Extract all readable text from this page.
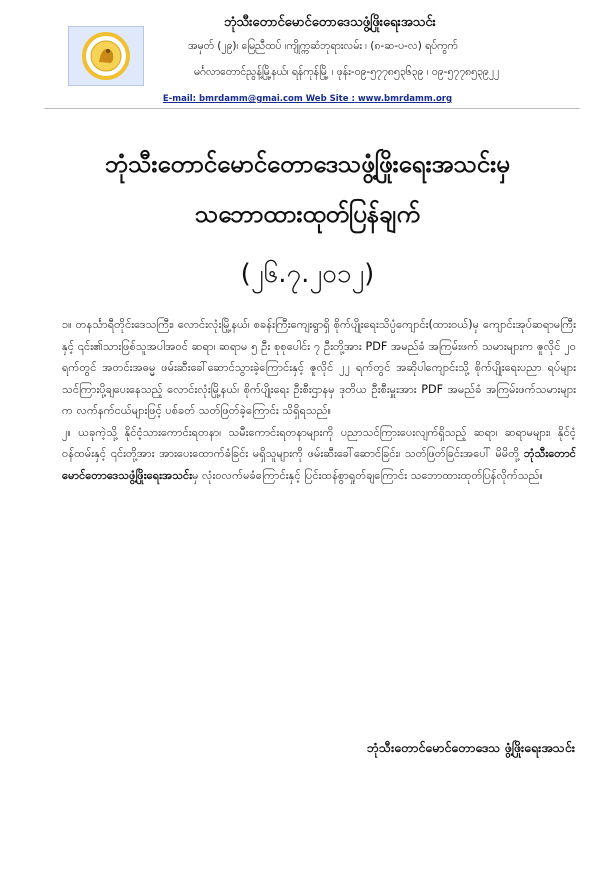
ဘုံသီးတောင်မောင်တောဒေသဖွံ့ဖြိုးရေးအသင်း
အမှတ် (၂၉)၊ မြေညီထပ် ၊ကျိုက္ကဆံဘုရားလမ်း ၊ (၈-ဆ-ပ-လ) ရပ်ကွက်
မင်္ဂလာတောင်ညွန့်မြို့နယ်၊ ရန်ကုန်မြို့ ၊ ဖုန်း-၀၉-၅၇၇၈၅၃၆၃၉ ၊ ၀၉-၅၇၇၈၅၃၉၂၂
E-mail: bmrdamm@gmai.com Web Site : www.bmrdamm.org
ဘုံသီးတောင်မောင်တောဒေသဖွံ့ဖြိုးရေးအသင်းမှ
သဘောထားထုတ်ပြန်ချက်
(၂၆.၇.၂၀၁၂)

၁။ တနင်္သာရီတိုင်းဒေသကြီး၊ လောင်းလုံးမြို့နယ်၊ စခန်းကြီးကျေးရွာရှိ စိုက်ပျိုးရေးသိပ္ပံကျောင်း(ထားဝယ်)မှ ကျောင်းအုပ်ဆရာမကြီးနှင့် ၎င်း၏သားဖြစ်သူအပါအဝင် ဆရာ၊ ဆရာမ ၅ ဦး စုစုပေါင်း ၇ ဦးတို့အား PDF အမည်ခံ အကြမ်းဖက် သမားများက ဇူလိုင် ၂၀ ရက်တွင် အတင်းအဓမ္မ ဖမ်းဆီးခေါ်ဆောင်သွားခဲ့ကြောင်းနှင့် ဇူလိုင် ၂၂ ရက်တွင် အဆိုပါကျောင်းသို့ စိုက်ပျိုးရေးပညာ ရပ်များ သင်ကြားပို့ချပေးနေသည့် လောင်းလုံးမြို့နယ်၊ စိုက်ပျိုးရေး ဦးစီးဌာနမှ ဒုတိယ ဦးစီးမှူးအား PDF အမည်ခံ အကြမ်းဖက်သမားများက လက်နက်ငယ်များဖြင့် ပစ်ခတ် သတ်ဖြတ်ခဲ့ကြောင်း သိရှိရသည်။

၂။ ယခုကဲ့သို့ နိုင်ငံ့သားကောင်းရတနာ၊ သမီးကောင်းရတနာများကို ပညာသင်ကြားပေးလျက်ရှိသည့် ဆရာ၊ ဆရာမများ၊ နိုင်ငံ့ဝန်ထမ်းနှင့် ၎င်းတို့အား အားပေးထောက်ခံခြင်း မရှိသူများကို ဖမ်းဆီးခေါ်ဆောင်ခြင်း၊ သတ်ဖြတ်ခြင်းအပေါ် မိမိတို့ ဘုံသီးတောင်မောင်တောဒေသဖွံ့ဖြိုးရေးအသင်းမှ လုံးဝလက်မခံကြောင်းနှင့် ပြင်းထန်စွာရှုတ်ချကြောင်း သဘောထားထုတ်ပြန်လိုက်သည်။

ဘုံသီးတောင်မောင်တောဒေသ ဖွံ့ဖြိုးရေးအသင်း
